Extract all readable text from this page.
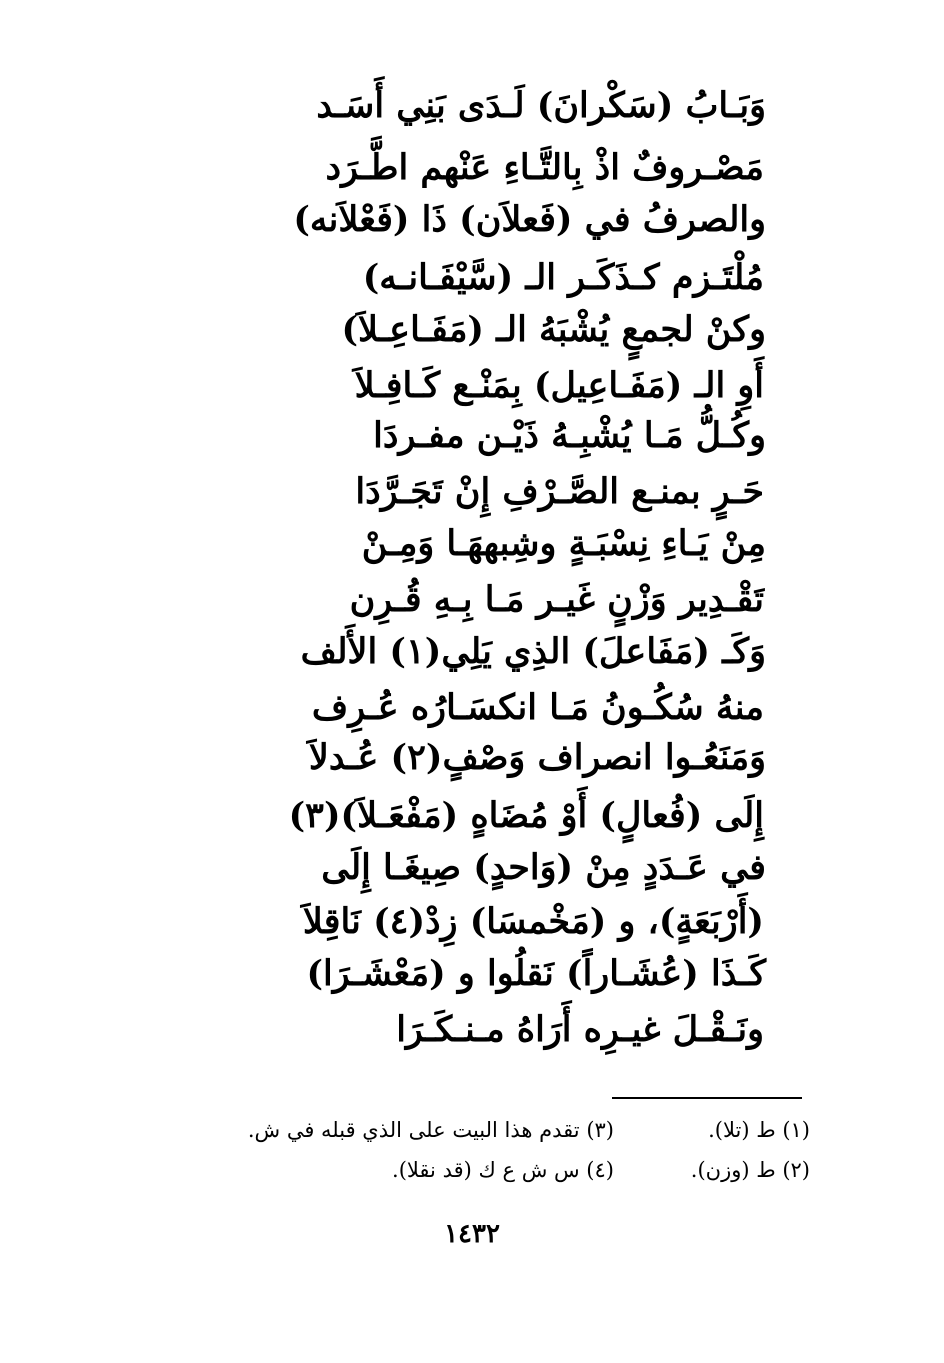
وَبَـابُ (سَكْرانَ) لَـدَى بَنِي أَسَـد
مَصْـروفٌ اذْ بِالتَّـاءِ عَنْهم اطَّـرَد
والصرفُ في (فَعلاَن) ذَا (فَعْلاَنه)
مُلْتَـزم كـذَكَـر الـ (سَّيْفَـانـه)
وكنْ لجمعٍ يُشْبَهُ الـ (مَفَـاعِـلاَ)
أَوِ الـ (مَفَـاعِيل) بِمَنْـع كَـافِـلاَ
وكُـلُّ مَـا يُشْبِـهُ ذَيْـن مفـردَا
حَـرٍ بمنـع الصَّـرْفِ إِنْ تَجَـرَّدَا
مِنْ يَـاءِ نِسْبَـةٍ وشِبههَـا وَمِـنْ
تَقْـدِير وَزْنٍ غَيـر مَـا بِـهِ قُـرِن
وَكَـ (مَفَاعلَ) الذِي يَلِي(١) الأَلف
منهُ سُكُـونُ مَـا انكسَـارُه عُـرِف
وَمَنَعُـوا انصراف وَصْفٍ(٢) عُـدلاَ
إِلَى (فُعالٍ) أَوْ مُضَاهٍ (مَفْعَـلاَ)(٣)
في عَـدَدٍ مِنْ (وَاحدٍ) صِيغَـا إِلَى
(أَرْبَعَةٍ)، و (مَخْمسَا) زِدْ(٤) نَاقِلاَ
كَـذَا (عُشَـاراً) نَقلُوا و (مَعْشَـرَا)
ونَـقْـلَ غيـرِه أَرَاهُ مـنـكَـرَا
(١) ط (تلا).
(٣) تقدم هذا البيت على الذي قبله في ش.
(٢) ط (وزن).
(٤) س ش ع ك (قد نقلا).
١٤٣٢
